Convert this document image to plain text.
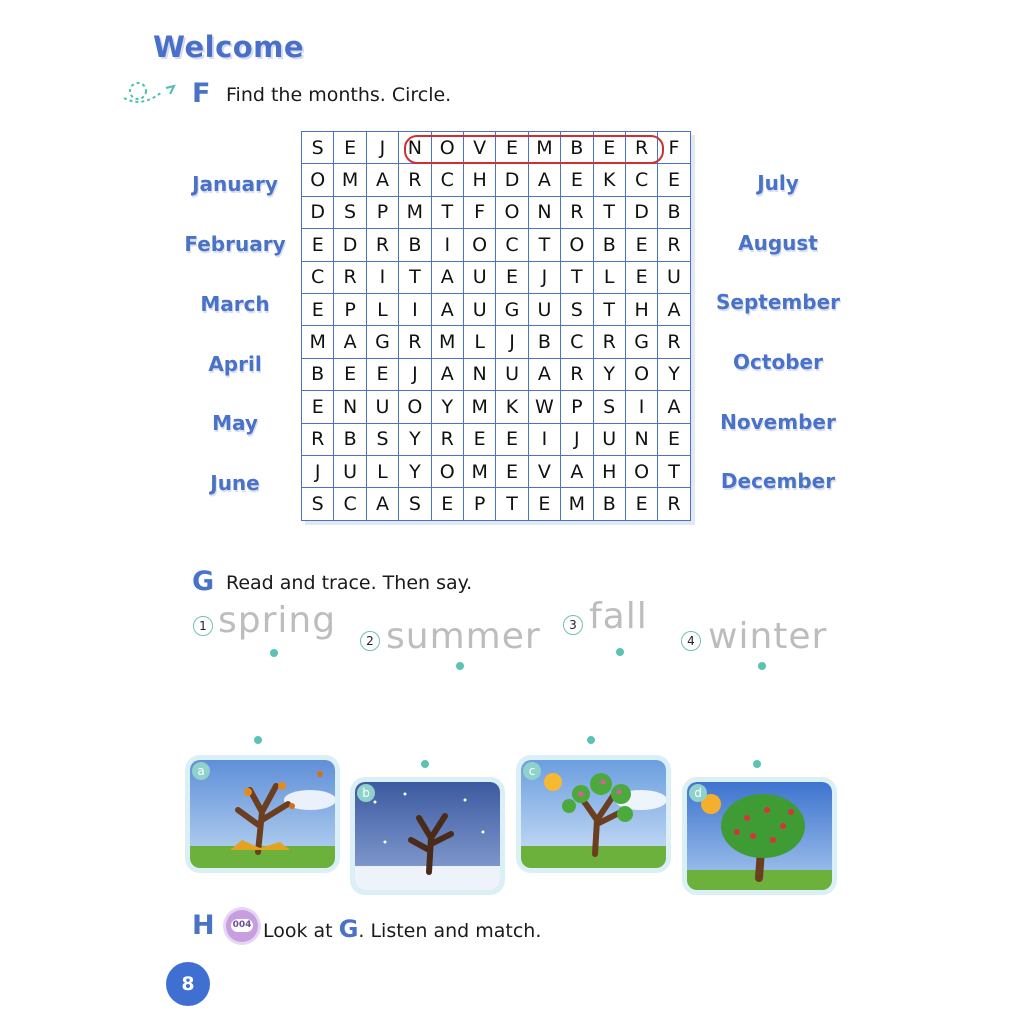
Welcome
F Find the months. Circle.
January
February
March
April
May
June
July
August
September
October
November
December
S	E	J	N	O	V	E	M	B	E	R	F
O	M	A	R	C	H	D	A	E	K	C	E
D	S	P	M	T	F	O	N	R	T	D	B
E	D	R	B	I	O	C	T	O	B	E	R
C	R	I	T	A	U	E	J	T	L	E	U
E	P	L	I	A	U	G	U	S	T	H	A
M	A	G	R	M	L	J	B	C	R	G	R
B	E	E	J	A	N	U	A	R	Y	O	Y
E	N	U	O	Y	M	K	W	P	S	I	A
R	B	S	Y	R	E	E	I	J	U	N	E
J	U	L	Y	O	M	E	V	A	H	O	T
S	C	A	S	E	P	T	E	M	B	E	R
G Read and trace. Then say.
1 spring	2 summer	3 fall
4 winter
a
b
c
d
H 004 Look at G. Listen and match.
8
